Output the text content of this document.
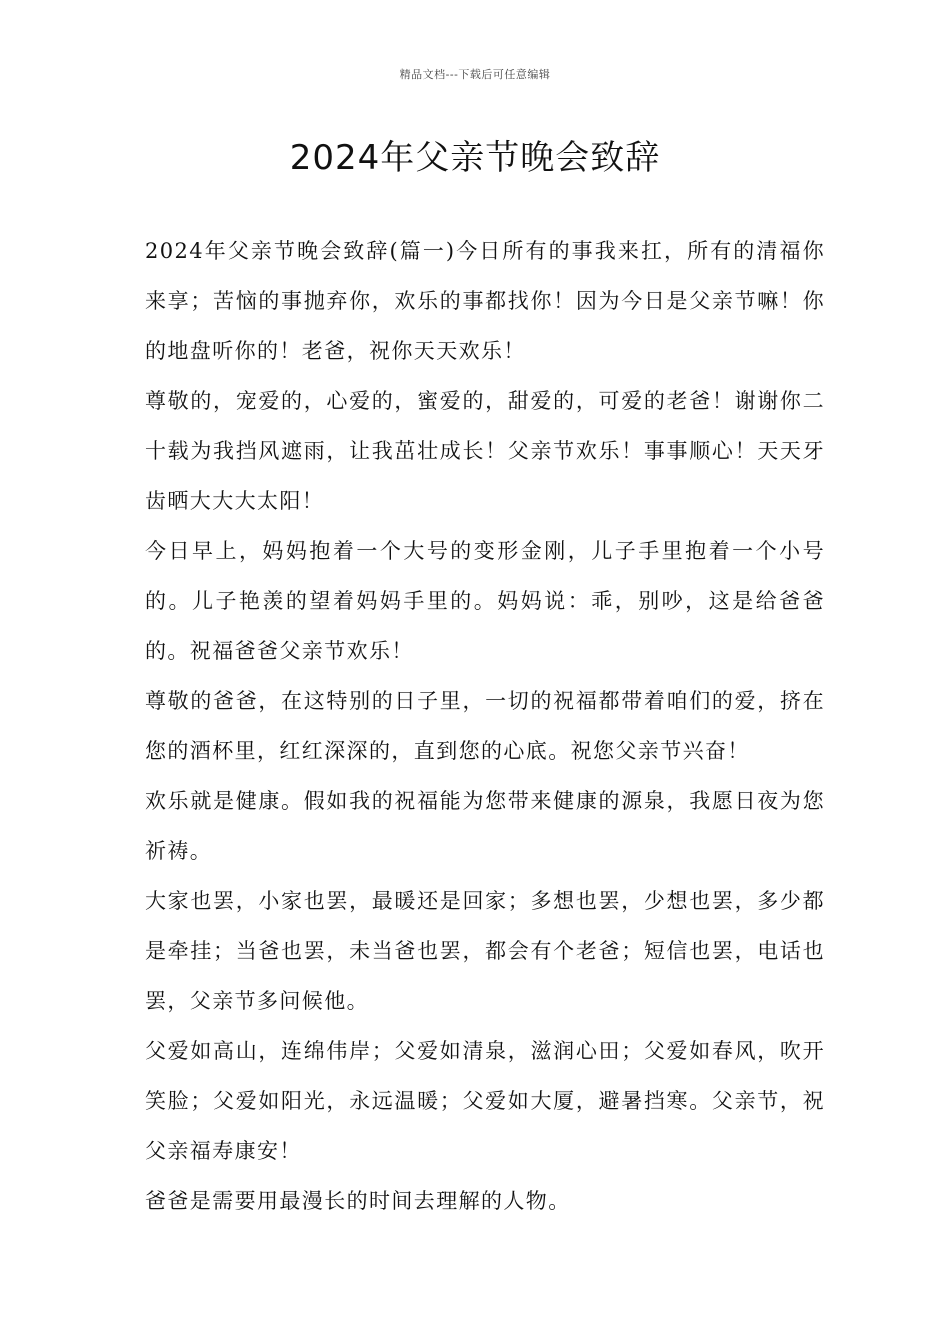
精品文档---下载后可任意编辑
2024年父亲节晚会致辞

2024年父亲节晚会致辞(篇一)今日所有的事我来扛，所有的清福你来享；苦恼的事抛弃你，欢乐的事都找你！因为今日是父亲节嘛！你的地盘听你的！老爸，祝你天天欢乐！

尊敬的，宠爱的，心爱的，蜜爱的，甜爱的，可爱的老爸！谢谢你二十载为我挡风遮雨，让我茁壮成长！父亲节欢乐！事事顺心！天天牙齿晒大大大太阳！

今日早上，妈妈抱着一个大号的变形金刚，儿子手里抱着一个小号的。儿子艳羡的望着妈妈手里的。妈妈说：乖，别吵，这是给爸爸的。祝福爸爸父亲节欢乐！

尊敬的爸爸，在这特别的日子里，一切的祝福都带着咱们的爱，挤在您的酒杯里，红红深深的，直到您的心底。祝您父亲节兴奋！

欢乐就是健康。假如我的祝福能为您带来健康的源泉，我愿日夜为您祈祷。

大家也罢，小家也罢，最暖还是回家；多想也罢，少想也罢，多少都是牵挂；当爸也罢，未当爸也罢，都会有个老爸；短信也罢，电话也罢，父亲节多问候他。

父爱如高山，连绵伟岸；父爱如清泉，滋润心田；父爱如春风，吹开笑脸；父爱如阳光，永远温暖；父爱如大厦，避暑挡寒。父亲节，祝父亲福寿康安！

爸爸是需要用最漫长的时间去理解的人物。
